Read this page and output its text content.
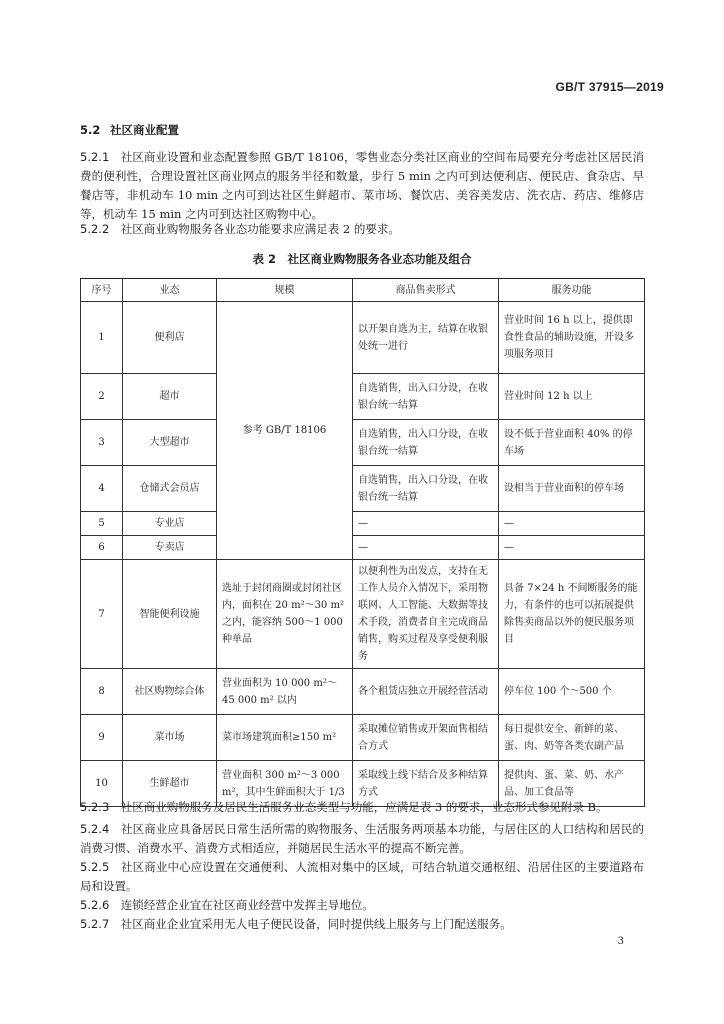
GB/T 37915—2019
5.2 社区商业配置
5.2.1　 社区商业设置和业态配置参照 GB/T 18106，零售业态分类社区商业的空间布局要充分考虑社区居民消费的便利性，合理设置社区商业网点的服务半径和数量，步行 5 min 之内可到达便利店、便民店、食杂店、早餐店等，非机动车 10 min 之内可到达社区生鲜超市、菜市场、餐饮店、美容美发店、洗衣店、药店、维修店等，机动车 15 min 之内可到达社区购物中心。
5.2.2　 社区商业购物服务各业态功能要求应满足表 2 的要求。
表 2　社区商业购物服务各业态功能及组合
序号	业态	规模	商品售卖形式	服务功能
1	便利店	参考 GB/T 18106	以开架自选为主，结算在收银处统一进行	营业时间 16 h 以上，提供即食性食品的辅助设施，开设多项服务项目
2	超市		自选销售，出入口分设，在收银台统一结算	营业时间 12 h 以上
3	大型超市		自选销售，出入口分设，在收银台统一结算	设不低于营业面积 40% 的停车场
4	仓储式会员店		自选销售，出入口分设，在收银台统一结算	设相当于营业面积的停车场
5	专业店		—	—
6	专卖店		—	—
7	智能便利设施	选址于封闭商圈或封闭社区内，面积在 20 m²～30 m²之内，能容纳 500～1 000 种单品	以便利性为出发点，支持在无工作人员介入情况下，采用物联网、人工智能、大数据等技术手段，消费者自主完成商品销售，购买过程及享受便利服务	具备 7×24 h 不间断服务的能力，有条件的也可以拓展提供除售卖商品以外的便民服务项目
8	社区购物综合体	营业面积为 10 000 m²～45 000 m² 以内	各个租赁店独立开展经营活动	停车位 100 个～500 个
9	菜市场	菜市场建筑面积≥150 m²	采取摊位销售或开架面售相结合方式	每日提供安全、新鲜的菜、蛋、肉、奶等各类农副产品
10	生鲜超市	营业面积 300 m²～3 000 m²，其中生鲜面积大于 1/3	采取线上线下结合及多种结算方式	提供肉、蛋、菜、奶、水产品、加工食品等
5.2.3　 社区商业购物服务及居民生活服务业态类型与功能，应满足表 3 的要求，业态形式参见附录 B。
5.2.4　 社区商业应具备居民日常生活所需的购物服务、生活服务两项基本功能，与居住区的人口结构和居民的消费习惯、消费水平、消费方式相适应，并随居民生活水平的提高不断完善。
5.2.5　 社区商业中心应设置在交通便利、人流相对集中的区域，可结合轨道交通枢纽、沿居住区的主要道路布局和设置。
5.2.6　 连锁经营企业宜在社区商业经营中发挥主导地位。
5.2.7　 社区商业企业宜采用无人电子便民设备，同时提供线上服务与上门配送服务。
3
